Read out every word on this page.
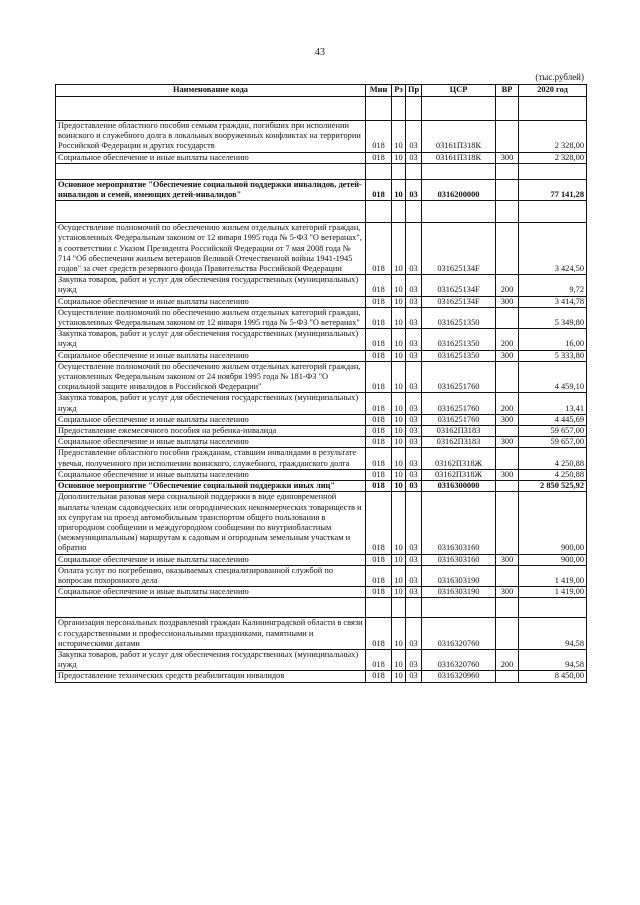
43
(тыс.рублей)
Наименование кода	Мин	Рз	Пр	ЦСР	ВР	2020 год

Предоставление областного пособия семьям граждан, погибших при исполнении воинского и служебного долга в локальных вооруженных конфликтах на территории Российской Федерации и других государств	018	10	03	03161П318К		2 328,00
Социальное обеспечение и иные выплаты населению	018	10	03	03161П318К	300	2 328,00

Основное мероприятие "Обеспечение социальной поддержки инвалидов, детей-инвалидов и семей, имеющих детей-инвалидов"	018	10	03	0316200000		77 141,28

Осуществление полномочий по обеспечению жильем отдельных категорий граждан, установленных Федеральным законом от 12 января 1995 года № 5-ФЗ "О ветеранах", в соответствии с Указом Президента Российской Федерации от 7 мая 2008 года № 714 "Об обеспечении жильем ветеранов Великой Отечественной войны 1941-1945 годов" за счет средств резервного фонда Правительства Российской Федерации	018	10	03	031625134F		3 424,50
Закупка товаров, работ и услуг для обеспечения государственных (муниципальных) нужд	018	10	03	031625134F	200	9,72
Социальное обеспечение и иные выплаты населению	018	10	03	031625134F	300	3 414,78
Осуществление полномочий по обеспечению жильем отдельных категорий граждан, установленных Федеральным законом от 12 января 1995 года № 5-ФЗ "О ветеранах"	018	10	03	0316251350		5 349,80
Закупка товаров, работ и услуг для обеспечения государственных (муниципальных) нужд	018	10	03	0316251350	200	16,00
Социальное обеспечение и иные выплаты населению	018	10	03	0316251350	300	5 333,80
Осуществление полномочий по обеспечению жильем отдельных категорий граждан, установленных Федеральным законом от 24 ноября 1995 года № 181-ФЗ "О социальной защите инвалидов в Российской Федерации"	018	10	03	0316251760		4 459,10
Закупка товаров, работ и услуг для обеспечения государственных (муниципальных) нужд	018	10	03	0316251760	200	13,41
Социальное обеспечение и иные выплаты населению	018	10	03	0316251760	300	4 445,69
Предоставление ежемесячного пособия на ребенка-инвалида	018	10	03	03162П3183		59 657,00
Социальное обеспечение и иные выплаты населению	018	10	03	03162П3183	300	59 657,00
Предоставление областного пособия гражданам, ставшим инвалидами в результате увечья, полученного при исполнении воинского, служебного, гражданского долга	018	10	03	03162П318Ж		4 250,88
Социальное обеспечение и иные выплаты населению	018	10	03	03162П318Ж	300	4 250,88
Основное мероприятие "Обеспечение социальной поддержки иных лиц"	018	10	03	0316300000		2 850 525,92
Дополнительная разовая мера социальной поддержки в виде единовременной выплаты членам садоводческих или огороднических некоммерческих товариществ и их супругам на проезд автомобильным транспортом общего пользования в пригородном сообщении и междугородном сообщении по внутриобластным (межмуниципальным) маршрутам к садовым и огородным земельным участкам и обратно	018	10	03	0316303160		900,00
Социальное обеспечение и иные выплаты населению	018	10	03	0316303160	300	900,00
Оплата услуг по погребению, оказываемых специализированной службой по вопросам похоронного дела	018	10	03	0316303190		1 419,00
Социальное обеспечение и иные выплаты населению	018	10	03	0316303190	300	1 419,00

Организация персональных поздравлений граждан Калининградской области в связи с государственными и профессиональными праздниками, памятными и историческими датами	018	10	03	0316320760		94,58
Закупка товаров, работ и услуг для обеспечения государственных (муниципальных) нужд	018	10	03	0316320760	200	94,58
Предоставление технических средств реабилитации инвалидов	018	10	03	0316320960		8 450,00
